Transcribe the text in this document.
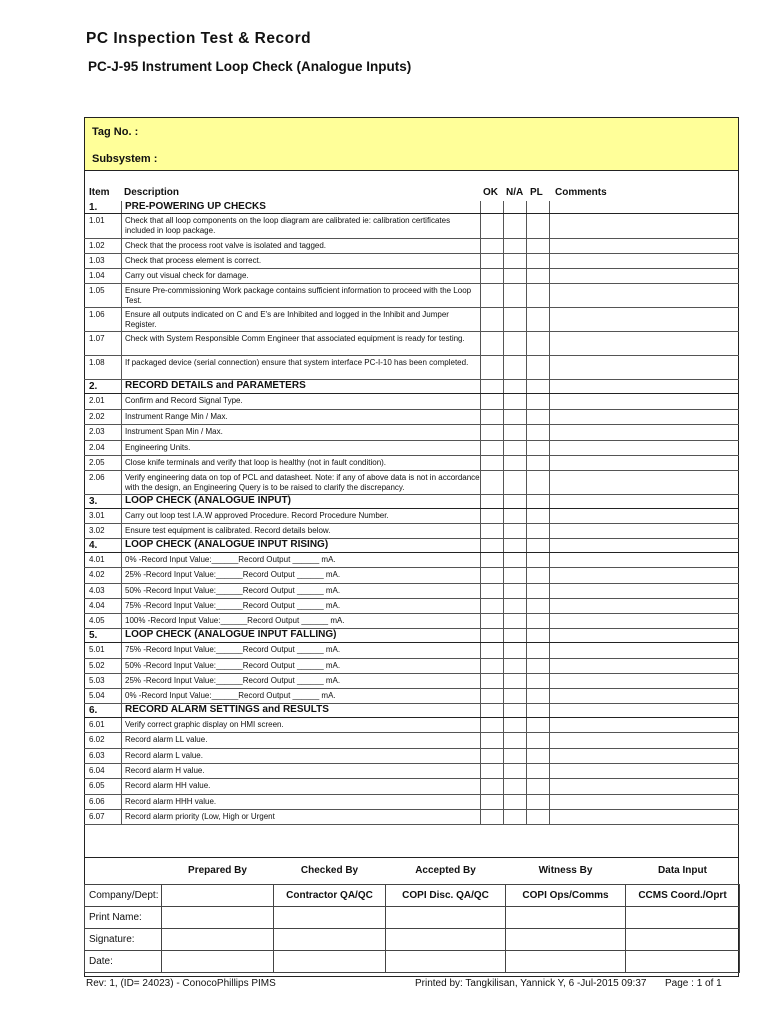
PC Inspection Test & Record
PC-J-95 Instrument Loop Check (Analogue Inputs)
Tag No. :
Subsystem :
Item Description	OK N/A PL Comments
1.	PRE-POWERING UP CHECKS
1.01	Check that all loop components on the loop diagram are calibrated ie: calibration certificates included in loop package.
1.02	Check that the process root valve is isolated and tagged.
1.03	Check that process element is correct.
1.04	Carry out visual check for damage.
1.05	Ensure Pre-commissioning Work package contains sufficient information to proceed with the Loop Test.
1.06	Ensure all outputs indicated on C and E's are Inhibited and logged in the Inhibit and Jumper Register.
1.07	Check with System Responsible Comm Engineer that associated equipment is ready for testing.
1.08	If packaged device (serial connection) ensure that system interface PC-I-10 has been completed.
2.	RECORD DETAILS and PARAMETERS
2.01	Confirm and Record Signal Type.
2.02	Instrument Range Min / Max.
2.03	Instrument Span Min / Max.
2.04	Engineering Units.
2.05	Close knife terminals and verify that loop is healthy (not in fault condition).
2.06	Verify engineering data on top of PCL and datasheet. Note: if any of above data is not in accordance with the design, an Engineering Query is to be raised to clarify the discrepancy.
3.	LOOP CHECK (ANALOGUE INPUT)
3.01	Carry out loop test I.A.W approved Procedure. Record Procedure Number.
3.02	Ensure test equipment is calibrated. Record details below.
4.	LOOP CHECK (ANALOGUE INPUT RISING)
4.01	0% -Record Input Value:______Record Output ______ mA.
4.02	25% -Record Input Value:______Record Output ______ mA.
4.03	50% -Record Input Value:______Record Output ______ mA.
4.04	75% -Record Input Value:______Record Output ______ mA.
4.05	100% -Record Input Value:______Record Output ______ mA.
5.	LOOP CHECK (ANALOGUE INPUT FALLING)
5.01	75% -Record Input Value:______Record Output ______ mA.
5.02	50% -Record Input Value:______Record Output ______ mA.
5.03	25% -Record Input Value:______Record Output ______ mA.
5.04	0% -Record Input Value:______Record Output ______ mA.
6.	RECORD ALARM SETTINGS and RESULTS
6.01	Verify correct graphic display on HMI screen.
6.02	Record alarm LL value.
6.03	Record alarm L value.
6.04	Record alarm H value.
6.05	Record alarm HH value.
6.06	Record alarm HHH value.
6.07	Record alarm priority (Low, High or Urgent
	Prepared By	Checked By	Accepted By	Witness By	Data Input
Company/Dept:		Contractor QA/QC	COPI Disc. QA/QC	COPI Ops/Comms	CCMS Coord./Oprt
Print Name:					
Signature:					
Date:					
Rev: 1, (ID= 24023) - ConocoPhillips PIMS	Printed by: Tangkilisan, Yannick Y, 6 -Jul-2015 09:37 Page : 1 of 1
